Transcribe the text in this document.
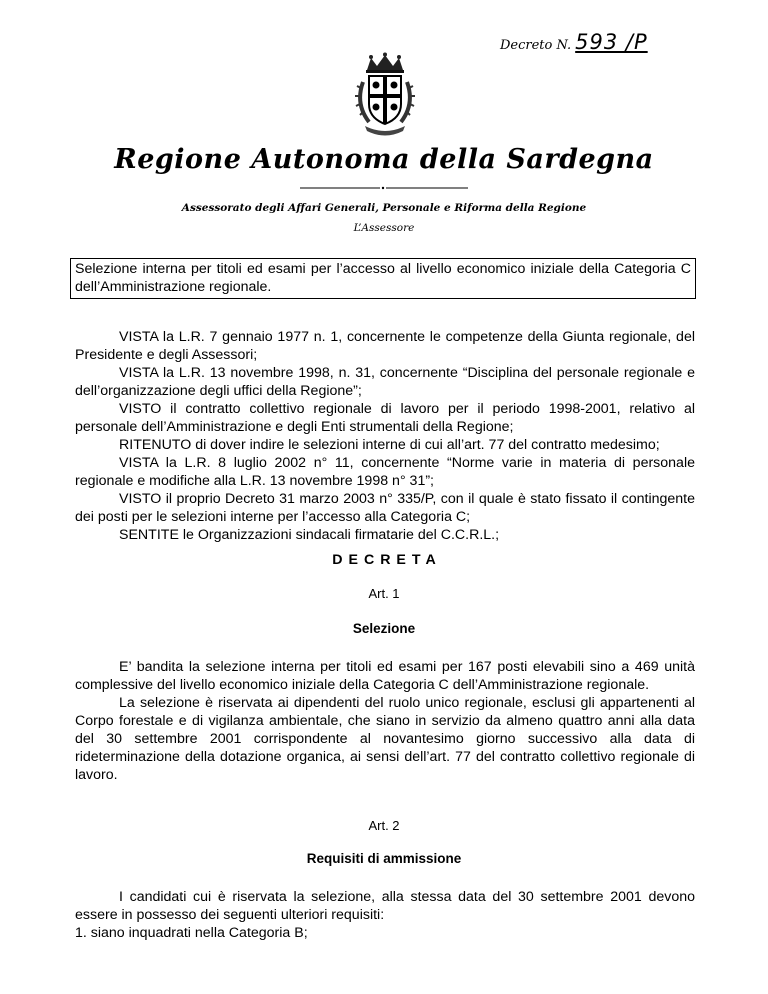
Decreto N. 593 /P
Regione Autonoma della Sardegna
Assessorato degli Affari Generali, Personale e Riforma della Regione
L’Assessore
Selezione interna per titoli ed esami per l’accesso al livello economico iniziale della Categoria C dell’Amministrazione regionale.

VISTA la L.R. 7 gennaio 1977 n. 1, concernente le competenze della Giunta regionale, del Presidente e degli Assessori;

VISTA la L.R. 13 novembre 1998, n. 31, concernente “Disciplina del personale regionale e dell’organizzazione degli uffici della Regione”;

VISTO il contratto collettivo regionale di lavoro per il periodo 1998-2001, relativo al personale dell’Amministrazione e degli Enti strumentali della Regione;

RITENUTO di dover indire le selezioni interne di cui all’art. 77 del contratto medesimo;

VISTA la L.R. 8 luglio 2002 n° 11, concernente “Norme varie in materia di personale regionale e modifiche alla L.R. 13 novembre 1998 n° 31”;

VISTO il proprio Decreto 31 marzo 2003 n° 335/P, con il quale è stato fissato il contingente dei posti per le selezioni interne per l’accesso alla Categoria C;

SENTITE le Organizzazioni sindacali firmatarie del C.C.R.L.;

DECRETA
Art. 1
Selezione

E’ bandita la selezione interna per titoli ed esami per 167 posti elevabili sino a 469 unità complessive del livello economico iniziale della Categoria C dell’Amministrazione regionale.

La selezione è riservata ai dipendenti del ruolo unico regionale, esclusi gli appartenenti al Corpo forestale e di vigilanza ambientale, che siano in servizio da almeno quattro anni alla data del 30 settembre 2001 corrispondente al novantesimo giorno successivo alla data di rideterminazione della dotazione organica, ai sensi dell’art. 77 del contratto collettivo regionale di lavoro.

Art. 2
Requisiti di ammissione

I candidati cui è riservata la selezione, alla stessa data del 30 settembre 2001 devono essere in possesso dei seguenti ulteriori requisiti:

1. siano inquadrati nella Categoria B;
